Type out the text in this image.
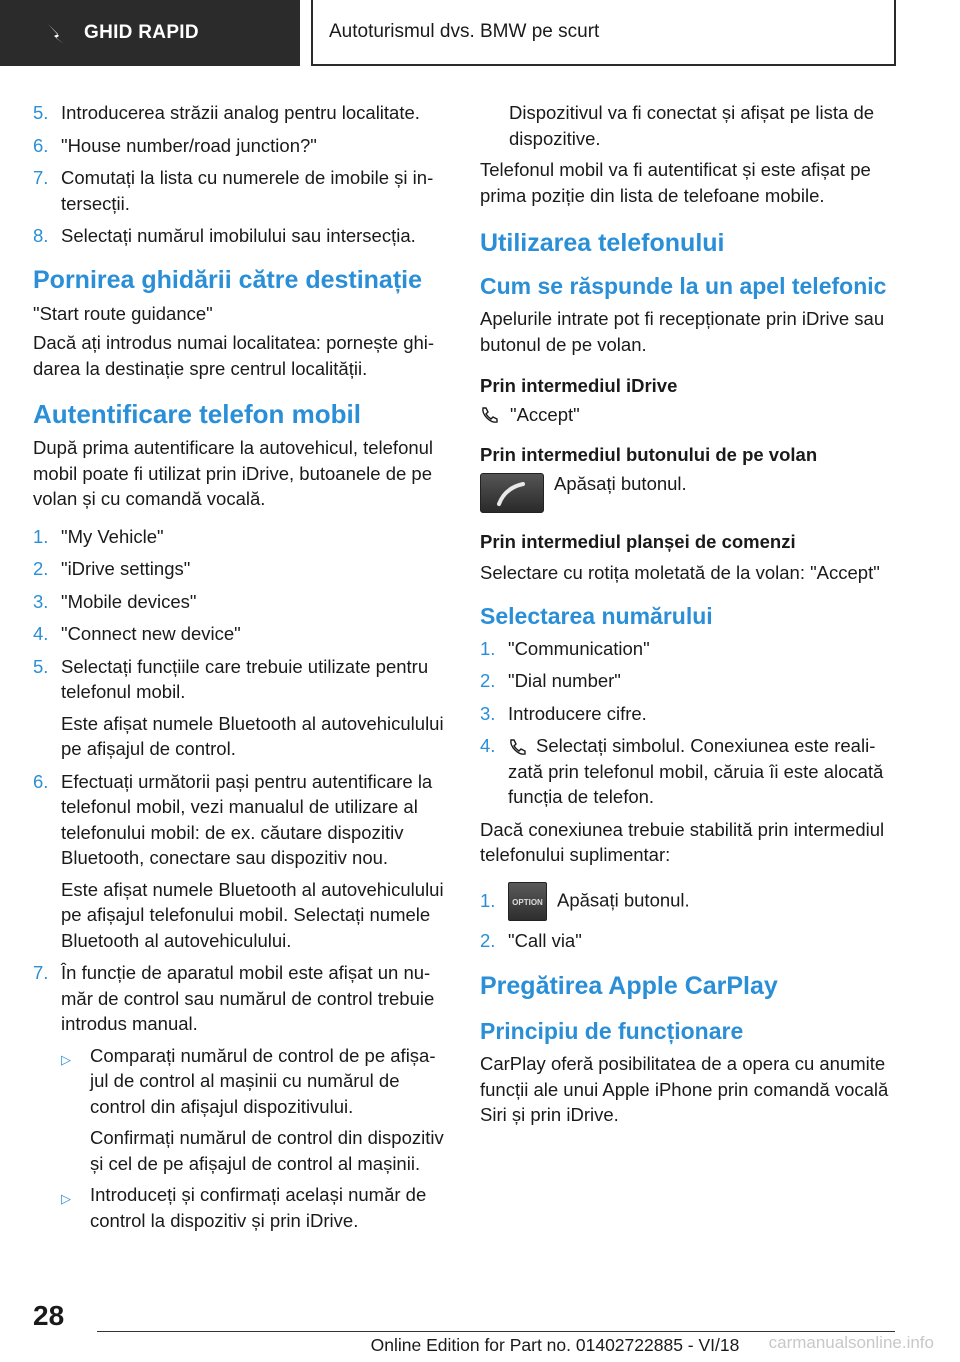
GHID RAPID	Autoturismul dvs. BMW pe scurt
5. Introducerea străzii analog pentru localitate.
6. "House number/road junction?"
7. Comutați la lista cu numerele de imobile și intersecții.
8. Selectați numărul imobilului sau intersecția.
Pornirea ghidării către destinație

"Start route guidance"

Dacă ați introdus numai localitatea: pornește ghidarea la destinație spre centrul localității.

Autentificare telefon mobil

După prima autentificare la autovehicul, telefonul mobil poate fi utilizat prin iDrive, butoanele de pe volan și cu comandă vocală.

1. "My Vehicle"
2. "iDrive settings"
3. "Mobile devices"
4. "Connect new device"
5. Selectați funcțiile care trebuie utilizate pentru telefonul mobil.
Este afișat numele Bluetooth al autovehiculului pe afișajul de control.
6. Efectuați următorii pași pentru autentificare la telefonul mobil, vezi manualul de utilizare al telefonului mobil: de ex. căutare dispozitiv Bluetooth, conectare sau dispozitiv nou.
Este afișat numele Bluetooth al autovehiculului pe afișajul telefonului mobil. Selectați numele Bluetooth al autovehiculului.
7. În funcție de aparatul mobil este afișat un număr de control sau numărul de control trebuie introdus manual.
▷	Comparați numărul de control de pe afișajul de control al mașinii cu numărul de control din afișajul dispozitivului.
Confirmați numărul de control din dispozitiv și cel de pe afișajul de control al mașinii.
▷	Introduceți și confirmați același număr de control la dispozitiv și prin iDrive.

Dispozitivul va fi conectat și afișat pe lista de dispozitive.

Telefonul mobil va fi autentificat și este afișat pe prima poziție din lista de telefoane mobile.

Utilizarea telefonului
Cum se răspunde la un apel telefonic

Apelurile intrate pot fi recepționate prin iDrive sau butonul de pe volan.

Prin intermediul iDrive
"Accept"
Prin intermediul butonului de pe volan
Apăsați butonul.
Prin intermediul planșei de comenzi

Selectare cu rotița moletată de la volan: "Accept"

Selectarea numărului
1. "Communication"
2. "Dial number"
3. Introducere cifre.
4.	Selectați simbolul. Conexiunea este realizată prin telefonul mobil, căruia îi este alocată funcția de telefon.

Dacă conexiunea trebuie stabilită prin intermediul telefonului suplimentar:

1.	OPTION Apăsați butonul.
2. "Call via"
Pregătirea Apple CarPlay
Principiu de funcționare

CarPlay oferă posibilitatea de a opera cu anumite funcții ale unui Apple iPhone prin comandă vocală Siri și prin iDrive.

28
Online Edition for Part no. 01402722885 - VI/18	carmanualsonline.info
